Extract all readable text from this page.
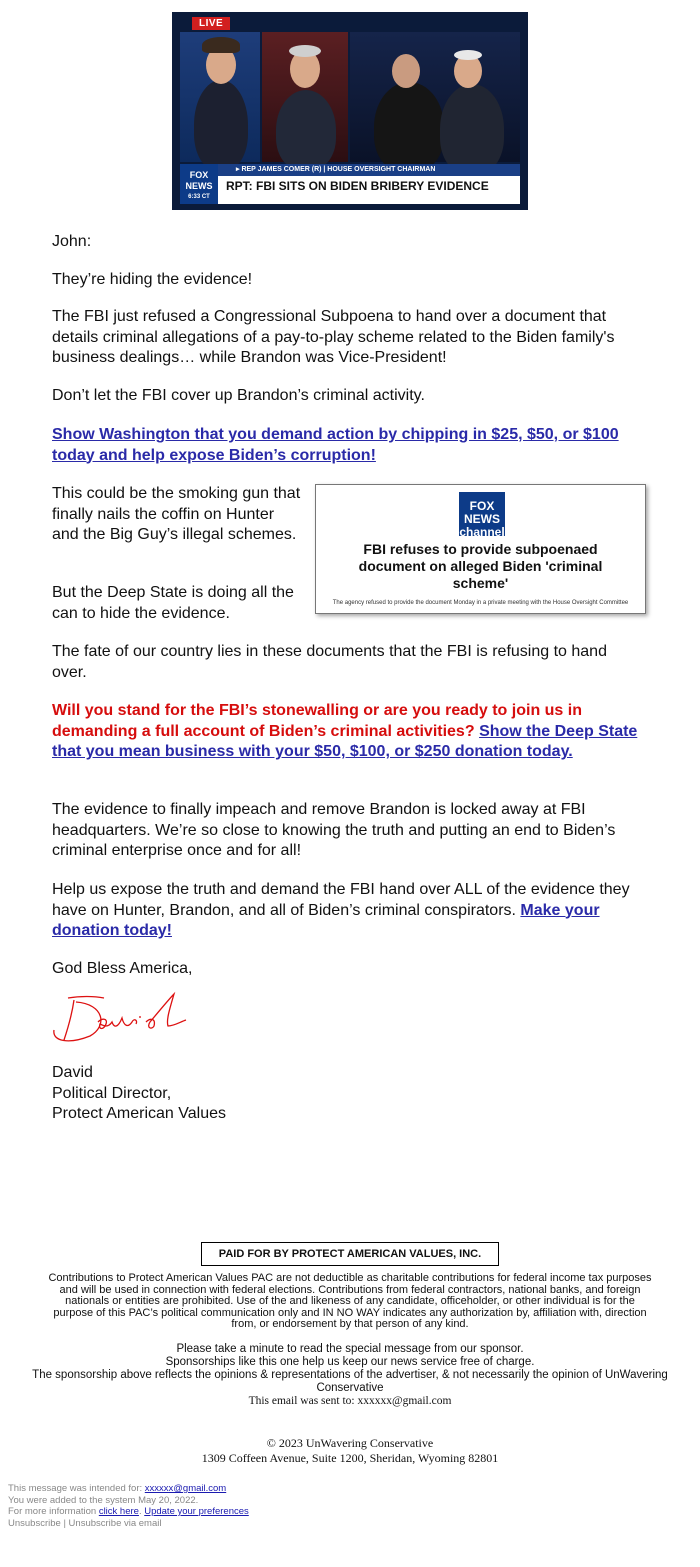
LIVE
FOX NEWS
6:33 CT
▸ REP JAMES COMER (R) | HOUSE OVERSIGHT CHAIRMAN
RPT: FBI SITS ON BIDEN BRIBERY EVIDENCE

John:

They’re hiding the evidence!

The FBI just refused a Congressional Subpoena to hand over a document that details criminal allegations of a pay-to-play scheme related to the Biden family's business dealings… while Brandon was Vice-President!

Don’t let the FBI cover up Brandon’s criminal activity.

Show Washington that you demand action by chipping in $25, $50, or $100 today and help expose Biden’s corruption!

This could be the smoking gun that finally nails the coffin on Hunter and the Big Guy’s illegal schemes.

But the Deep State is doing all the can to hide the evidence.

FOX NEWS channel
FBI refuses to provide subpoenaed document on alleged Biden 'criminal scheme'
The agency refused to provide the document Monday in a private meeting with the House Oversight Committee

The fate of our country lies in these documents that the FBI is refusing to hand over.

Will you stand for the FBI’s stonewalling or are you ready to join us in demanding a full account of Biden’s criminal activities? Show the Deep State that you mean business with your $50, $100, or $250 donation today.

The evidence to finally impeach and remove Brandon is locked away at FBI headquarters. We’re so close to knowing the truth and putting an end to Biden’s criminal enterprise once and for all!

Help us expose the truth and demand the FBI hand over ALL of the evidence they have on Hunter, Brandon, and all of Biden’s criminal conspirators. Make your donation today!

God Bless America,

David

Political Director,

Protect American Values

PAID FOR BY PROTECT AMERICAN VALUES, INC.
Contributions to Protect American Values PAC are not deductible as charitable contributions for federal income tax purposes and will be used in connection with federal elections. Contributions from federal contractors, national banks, and foreign nationals or entities are prohibited. Use of the and likeness of any candidate, officeholder, or other individual is for the purpose of this PAC’s political communication only and IN NO WAY indicates any authorization by, affiliation with, direction from, or endorsement by that person of any kind.
Please take a minute to read the special message from our sponsor.
Sponsorships like this one help us keep our news service free of charge.
The sponsorship above reflects the opinions & representations of the advertiser, & not necessarily the opinion of UnWavering Conservative
This email was sent to: xxxxxx@gmail.com
© 2023 UnWavering Conservative
1309 Coffeen Avenue, Suite 1200, Sheridan, Wyoming 82801
This message was intended for: xxxxxx@gmail.com
You were added to the system May 20, 2022.
For more information click here. Update your preferences
Unsubscribe | Unsubscribe via email
